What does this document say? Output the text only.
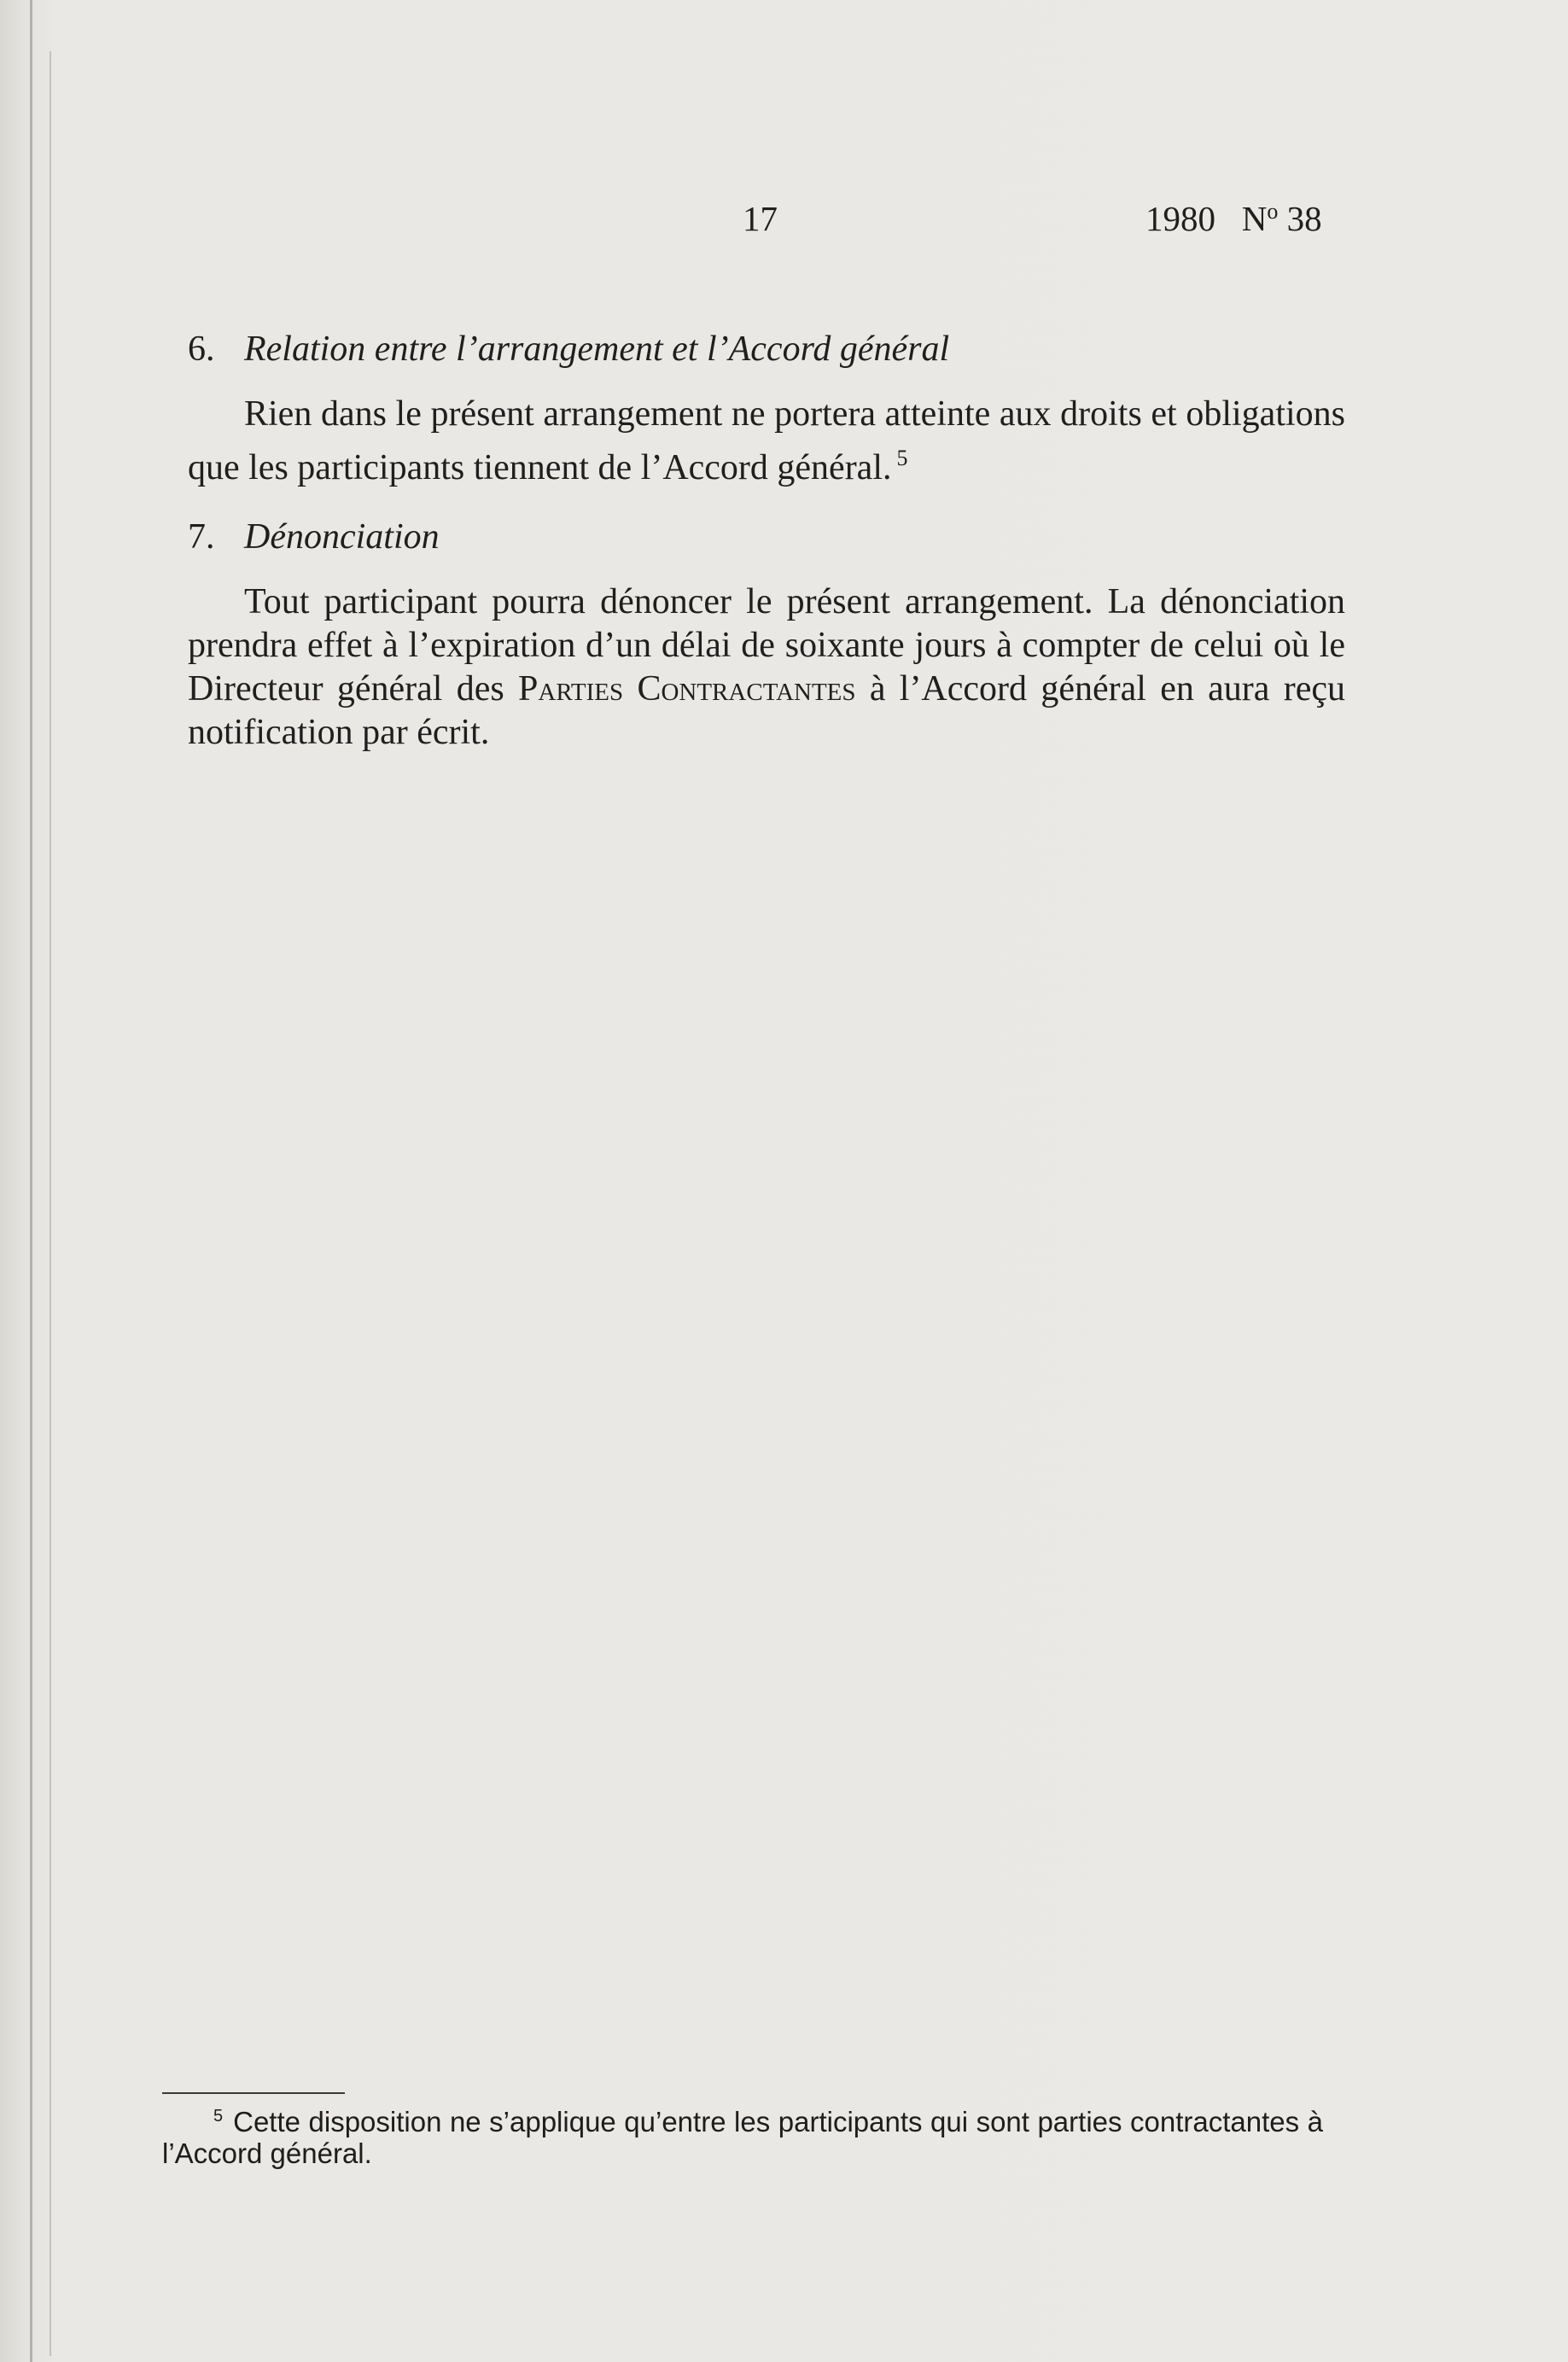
17	1980 $N^o$ 38
6. Relation entre l’arrangement et l’Accord général
Rien dans le présent arrangement ne portera atteinte aux droits et obligations que les participants tiennent de l’Accord général. $^5$
7. Dénonciation
Tout participant pourra dénoncer le présent arrangement. La dénonciation prendra effet à l’expiration d’un délai de soixante jours à compter de celui où le Directeur général des Parties Contractantes à l’Accord général en aura reçu notification par écrit.
$^5$ Cette disposition ne s’applique qu’entre les participants qui sont parties contractantes à l’Accord général.
